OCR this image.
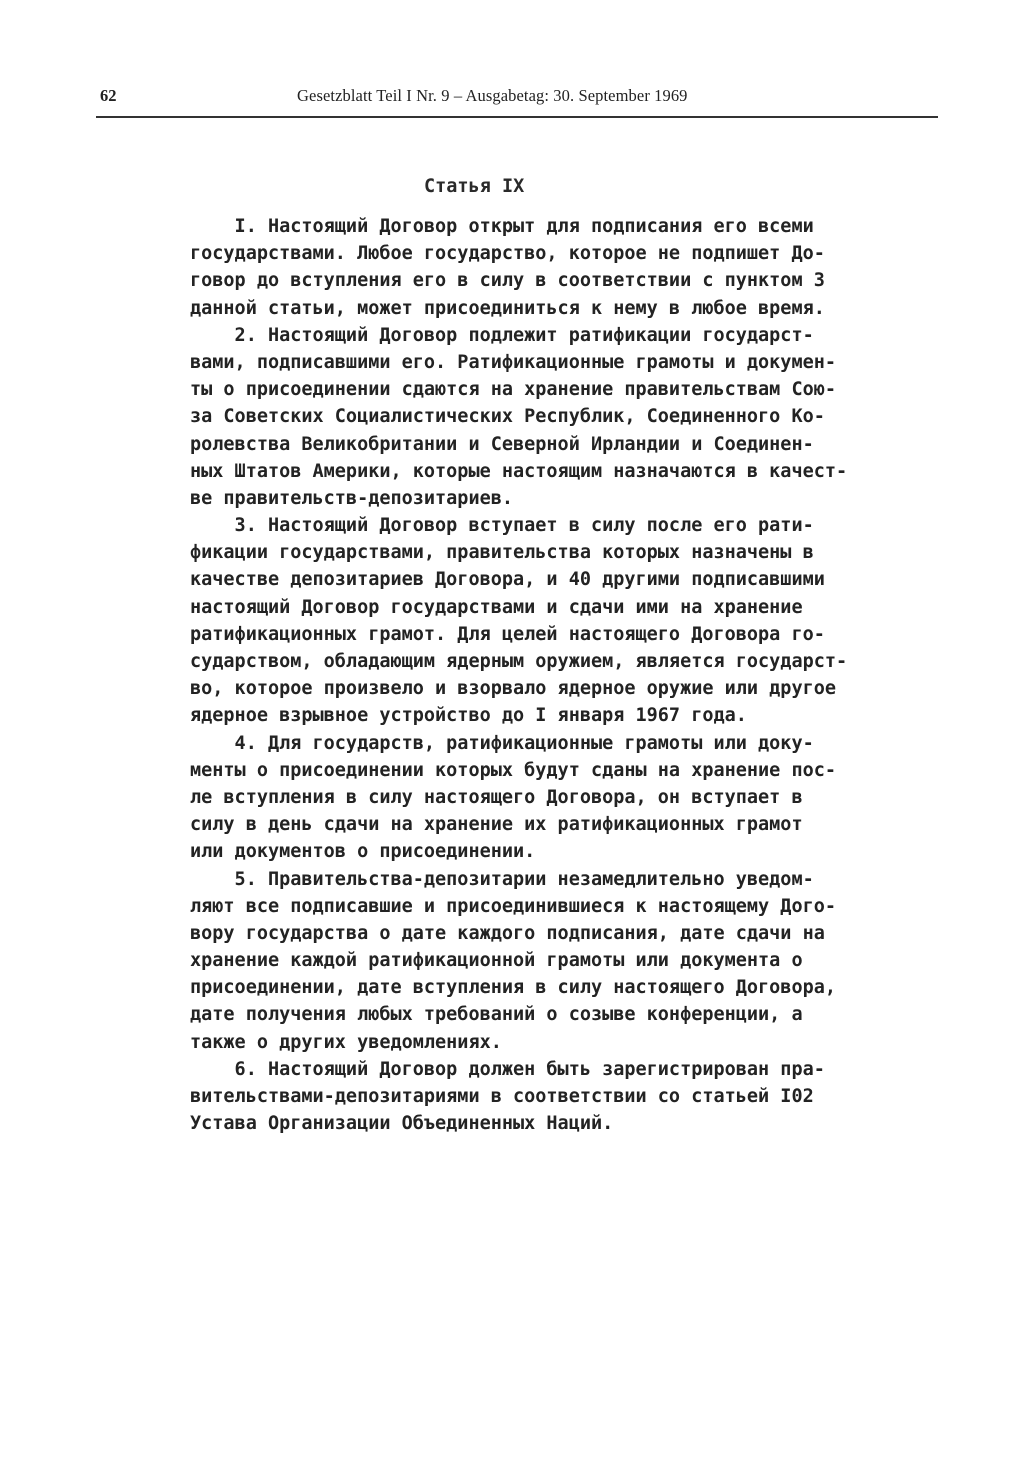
62	Gesetzblatt Teil I Nr. 9 – Ausgabetag: 30. September 1969
Статья IX
I. Настоящий Договор открыт для подписания его всеми
государствами. Любое государство, которое не подпишет До-
говор до вступления его в силу в соответствии с пунктом 3
данной статьи, может присоединиться к нему в любое время.
2. Настоящий Договор подлежит ратификации государст-
вами, подписавшими его. Ратификационные грамоты и докумен-
ты о присоединении сдаются на хранение правительствам Сою-
за Советских Социалистических Республик, Соединенного Ко-
ролевства Великобритании и Северной Ирландии и Соединен-
ных Штатов Америки, которые настоящим назначаются в качест-
ве правительств-депозитариев.
3. Настоящий Договор вступает в силу после его рати-
фикации государствами, правительства которых назначены в
качестве депозитариев Договора, и 40 другими подписавшими
настоящий Договор государствами и сдачи ими на хранение
ратификационных грамот. Для целей настоящего Договора го-
сударством, обладающим ядерным оружием, является государст-
во, которое произвело и взорвало ядерное оружие или другое
ядерное взрывное устройство до I января 1967 года.
4. Для государств, ратификационные грамоты или доку-
менты о присоединении которых будут сданы на хранение пос-
ле вступления в силу настоящего Договора, он вступает в
силу в день сдачи на хранение их ратификационных грамот
или документов о присоединении.
5. Правительства-депозитарии незамедлительно уведом-
ляют все подписавшие и присоединившиеся к настоящему Дого-
вору государства о дате каждого подписания, дате сдачи на
хранение каждой ратификационной грамоты или документа о
присоединении, дате вступления в силу настоящего Договора,
дате получения любых требований о созыве конференции, а
также о других уведомлениях.
6. Настоящий Договор должен быть зарегистрирован пра-
вительствами-депозитариями в соответствии со статьей I02
Устава Организации Объединенных Наций.
